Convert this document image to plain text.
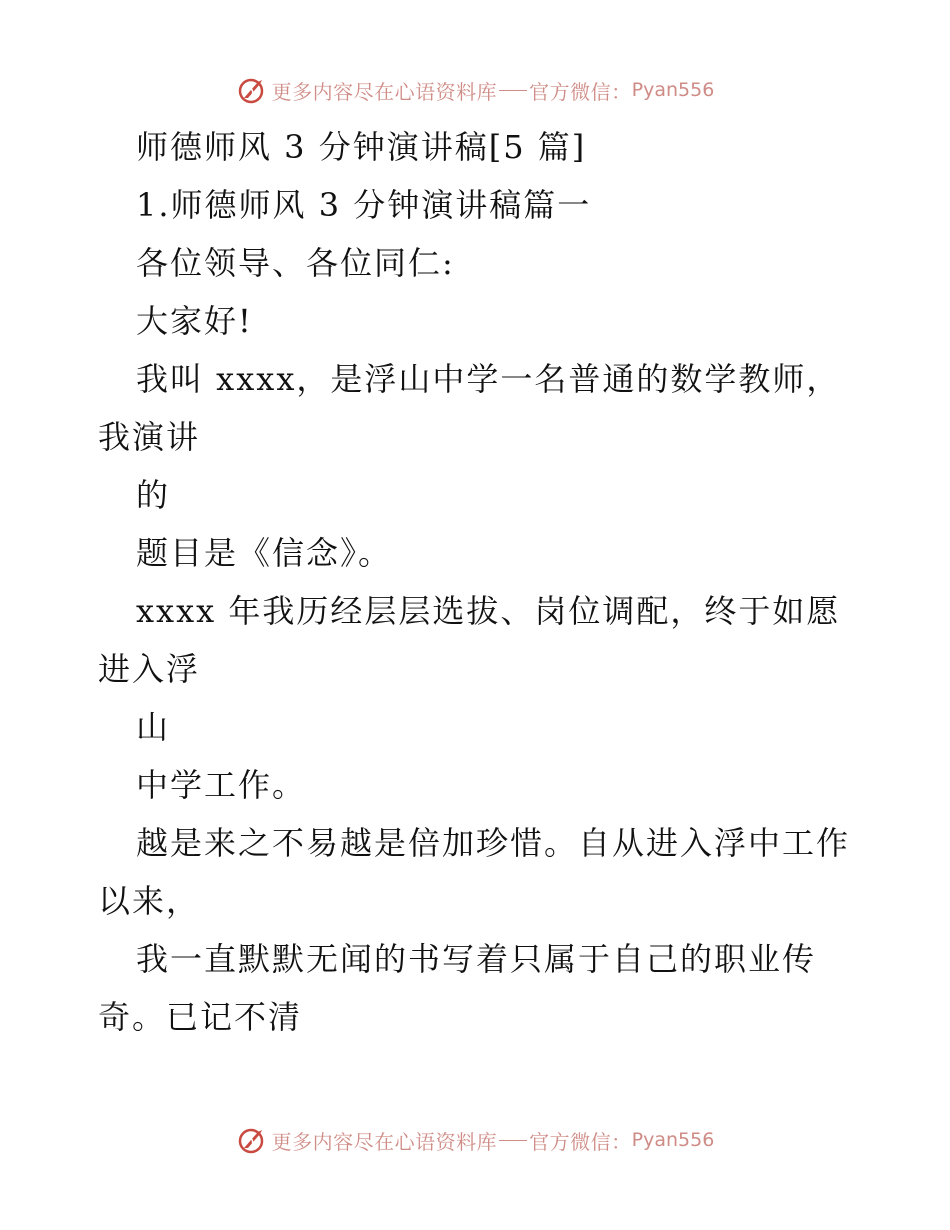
更多内容尽在心语资料库 官方微信： Pyan556
师德师风 3 分钟演讲稿[5 篇]
1.师德师风 3 分钟演讲稿篇一
各位领导、各位同仁:
大家好!
我叫 xxxx，是浮山中学一名普通的数学教师，
我演讲
的
题目是《信念》。
xxxx 年我历经层层选拔、岗位调配，终于如愿
进入浮
山
中学工作。
越是来之不易越是倍加珍惜。自从进入浮中工作
以来，
我一直默默无闻的书写着只属于自己的职业传
奇。已记不清
更多内容尽在心语资料库 官方微信： Pyan556
